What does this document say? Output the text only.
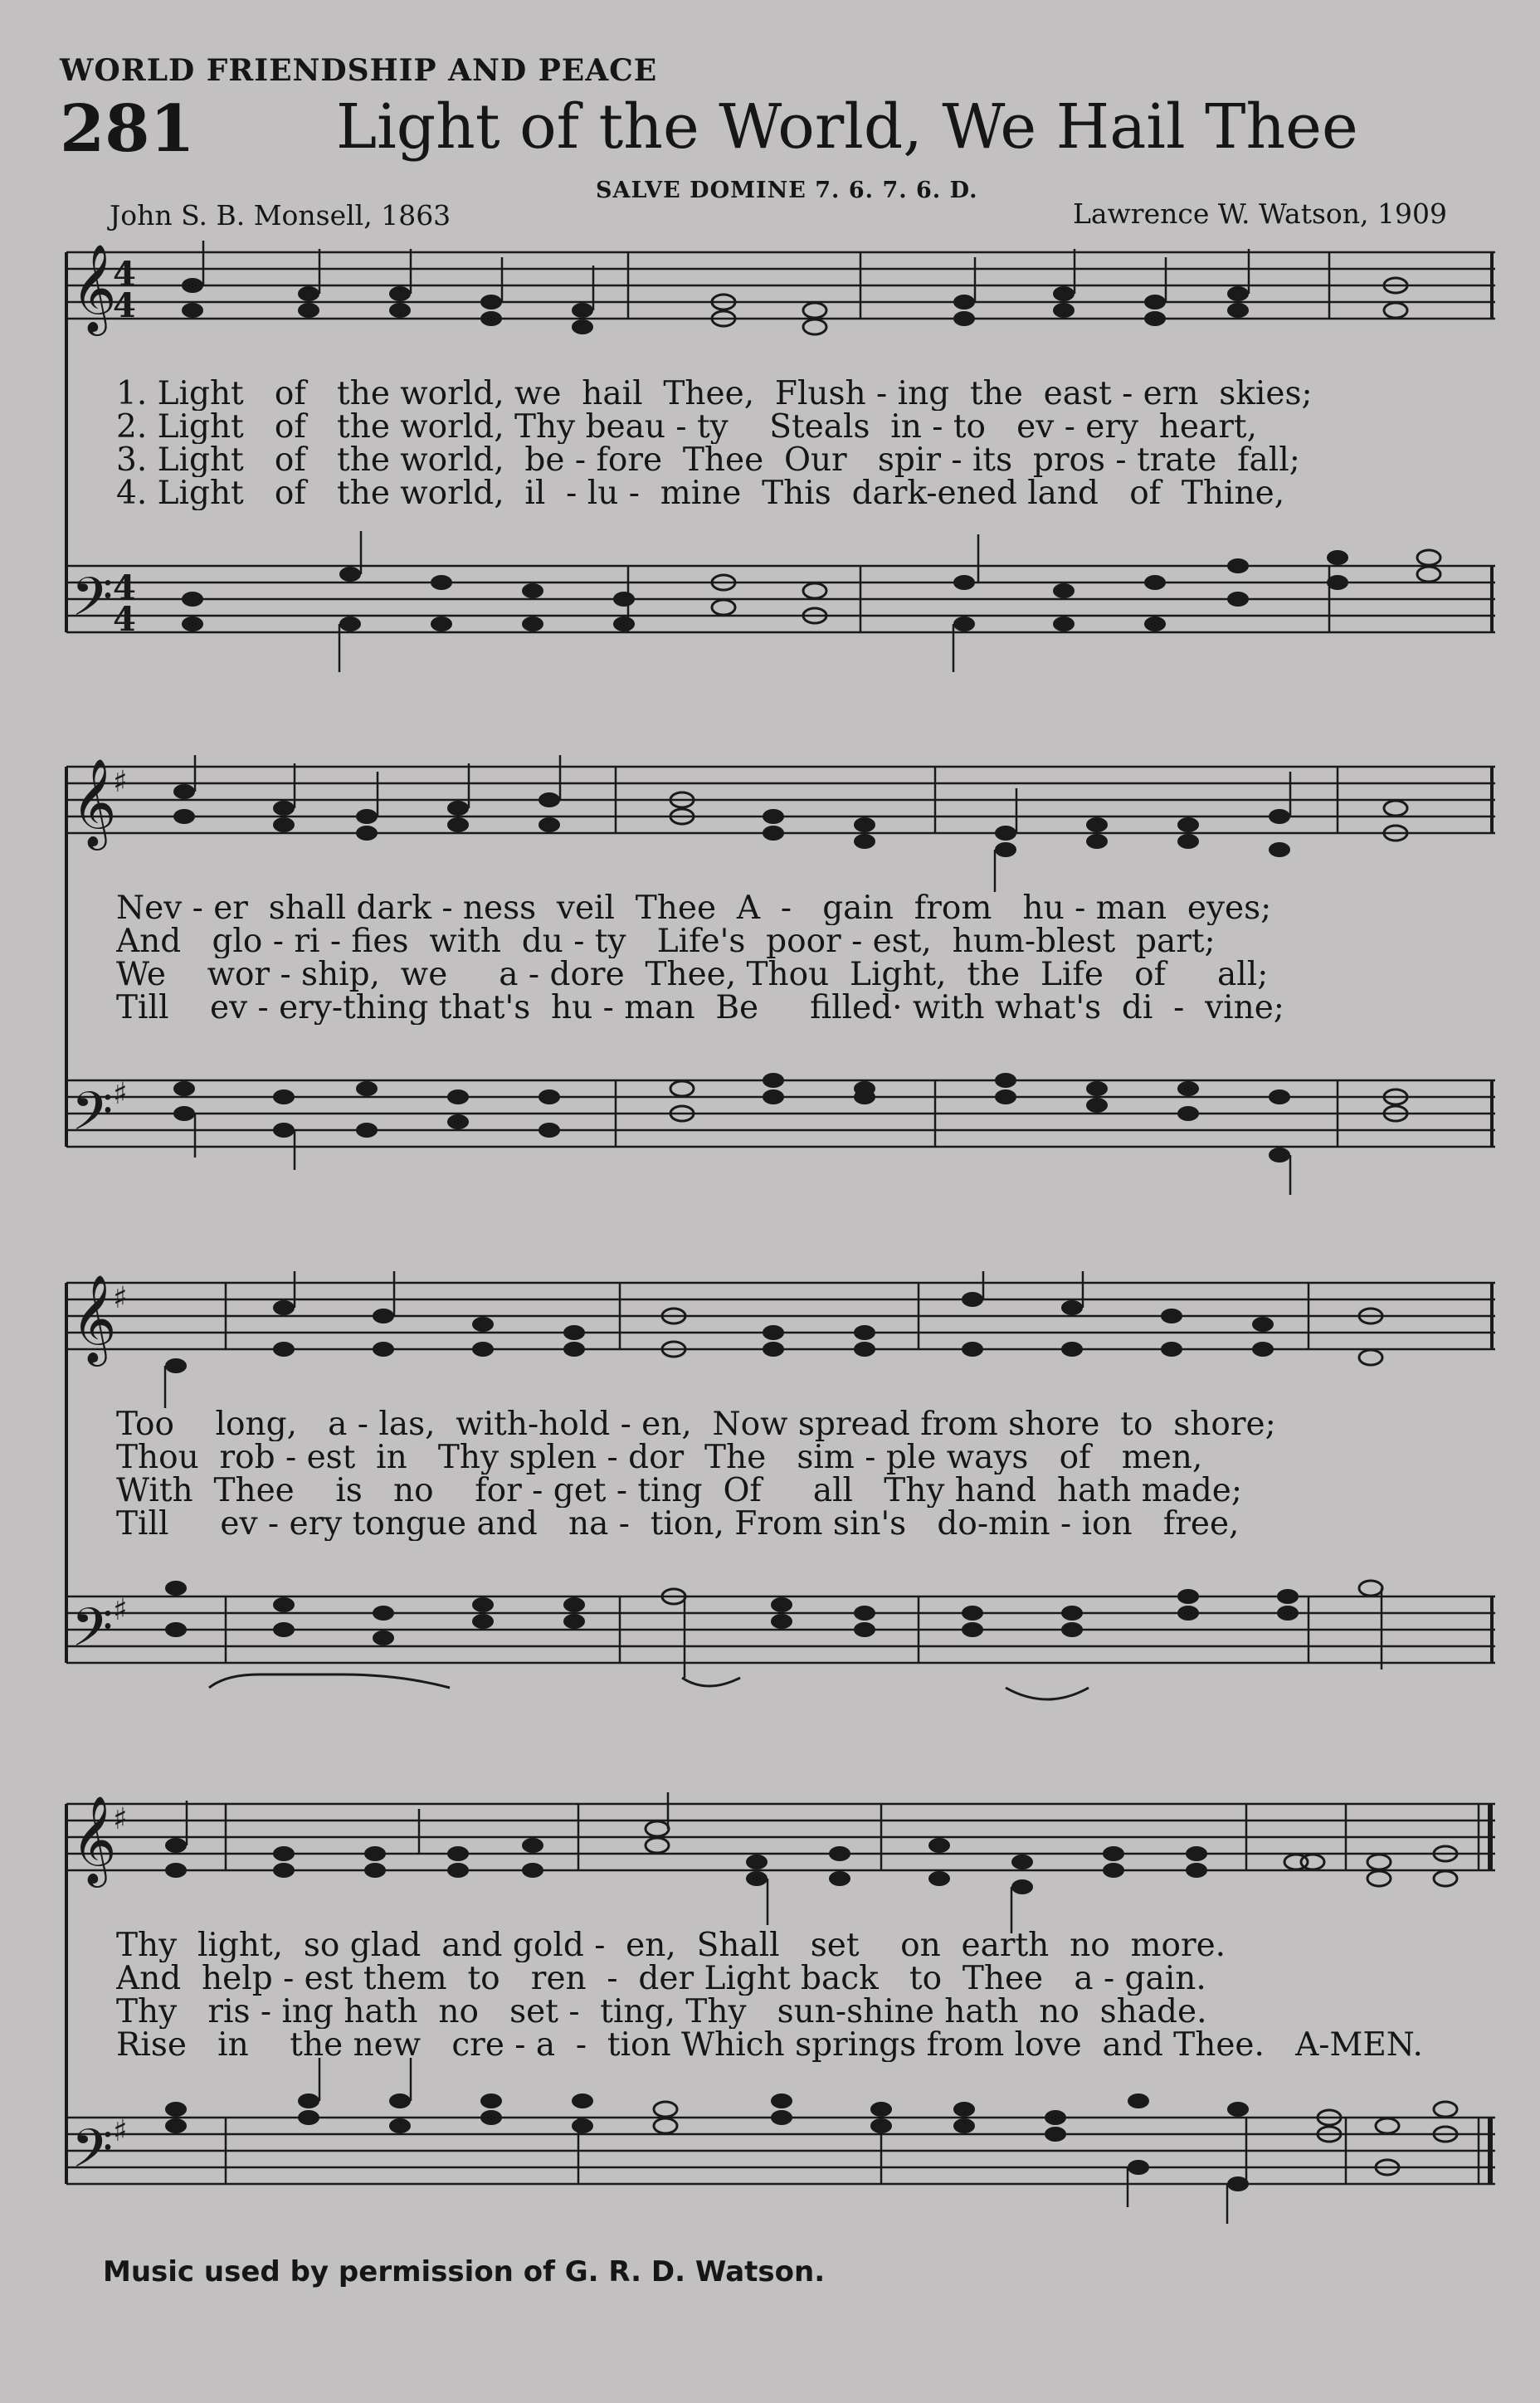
WORLD FRIENDSHIP AND PEACE
281 Light of the World, We Hail Thee
SALVE DOMINE 7. 6. 7. 6. D.
John S. B. Monsell, 1863	Lawrence W. Watson, 1909
𝄞
4
4
𝄢 4
4
1. Light   of   the world, we  hail  Thee,  Flush - ing  the  east - ern  skies;
2. Light   of   the world, Thy beau - ty    Steals  in - to   ev - ery  heart,
3. Light   of   the world,  be - fore  Thee  Our   spir - its  pros - trate  fall;
4. Light   of   the world,  il  - lu -  mine  This  dark-ened land   of  Thine,
𝄞
♯
𝄢 ♯
Nev - er  shall dark - ness  veil  Thee  A  -   gain  from   hu - man  eyes;
And   glo - ri - fies  with  du - ty   Life's  poor - est,  hum-blest  part;
We    wor - ship,  we     a - dore  Thee, Thou  Light,  the  Life   of     all;
Till    ev - ery-thing that's  hu - man  Be     filled· with what's  di  -  vine;
𝄞
♯
𝄢 ♯
Too    long,   a - las,  with-hold - en,  Now spread from shore  to  shore;
Thou  rob - est  in   Thy splen - dor  The   sim - ple ways   of   men,
With  Thee    is   no    for - get - ting  Of     all   Thy hand  hath made;
Till     ev - ery tongue and   na -  tion, From sin's   do-min - ion   free,
𝄞
♯
𝄢 ♯
Thy  light,  so glad  and gold -  en,  Shall   set    on  earth  no  more.
And  help - est them  to   ren  -  der Light back   to  Thee   a - gain.
Thy   ris - ing hath  no   set -  ting, Thy   sun-shine hath  no  shade.
Rise   in    the new   cre - a  -  tion Which springs from love  and Thee.   A-MEN.
Music used by permission of G. R. D. Watson.
